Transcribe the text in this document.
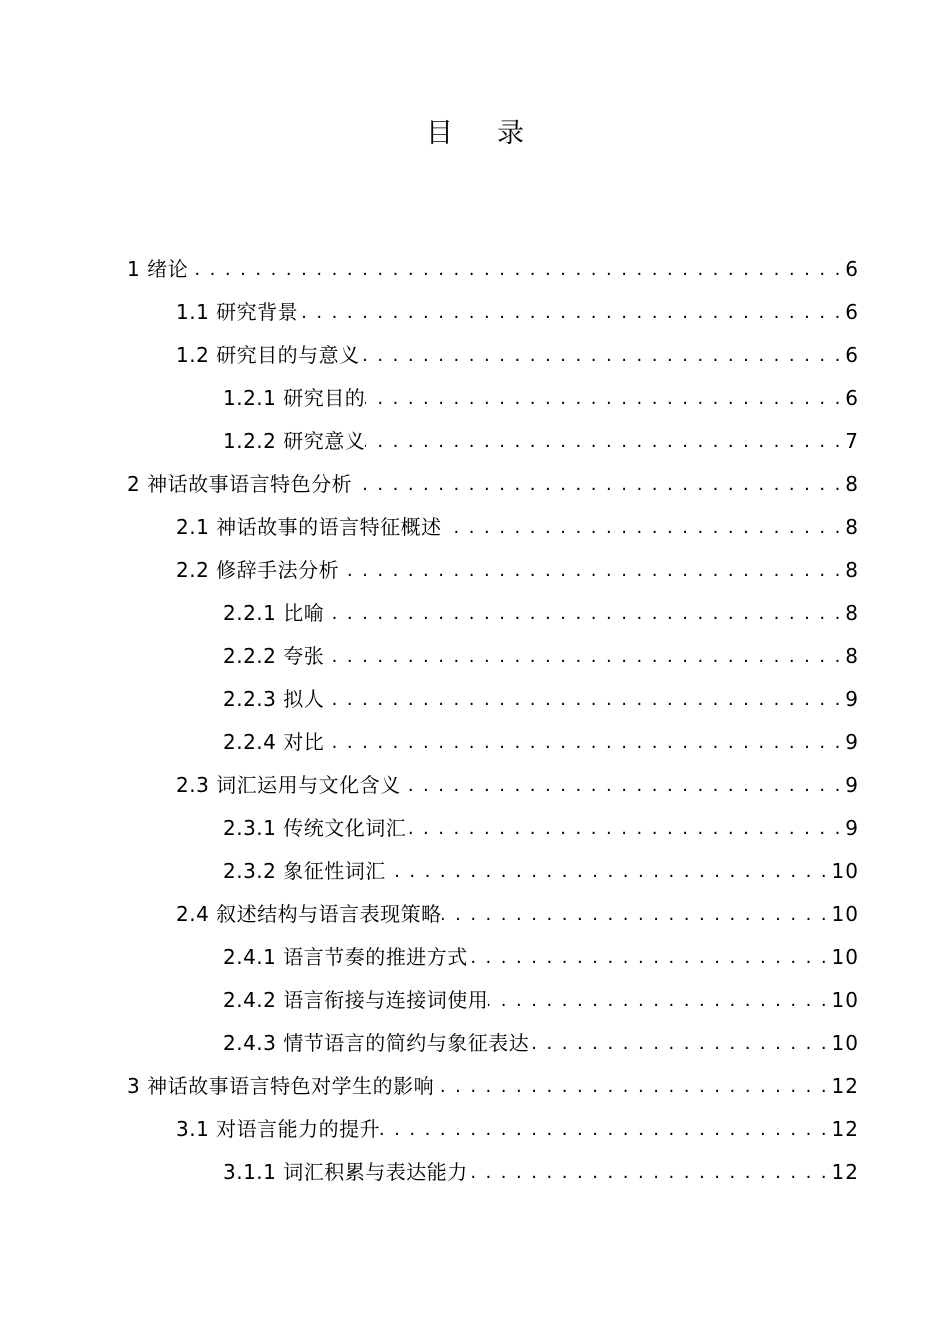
目 录
1 绪论 . . .	6
1.1 研究背景 . . .	6
1.2 研究目的与意义 . . .	6
1.2.1 研究目的 . . .	6
1.2.2 研究意义 . . .	7
2 神话故事语言特色分析 . . .	8
2.1 神话故事的语言特征概述 . . .	8
2.2 修辞手法分析 . . .	8
2.2.1 比喻 . . .	8
2.2.2 夸张 . . .	8
2.2.3 拟人 . . .	9
2.2.4 对比 . . .	9
2.3 词汇运用与文化含义 . . .	9
2.3.1 传统文化词汇 . . .	9
2.3.2 象征性词汇 . . .	10
2.4 叙述结构与语言表现策略 . . .	10
2.4.1 语言节奏的推进方式 . . .	10
2.4.2 语言衔接与连接词使用 . . .	10
2.4.3 情节语言的简约与象征表达 . . .	10
3 神话故事语言特色对学生的影响 . . .	12
3.1 对语言能力的提升 . . .	12
3.1.1 词汇积累与表达能力 . . .	12
